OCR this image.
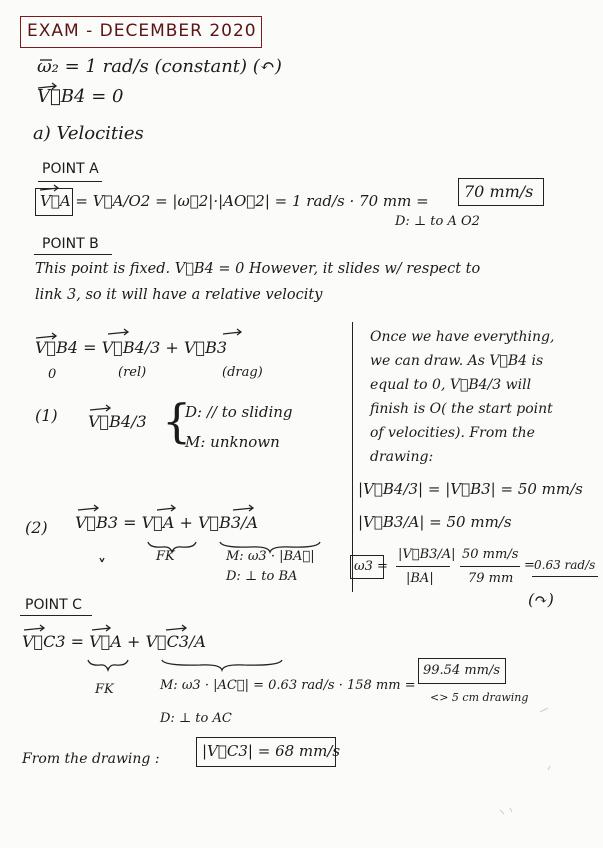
EXAM - DECEMBER 2020
ω₂ = 1 rad/s (constant) (↶)
V⃗B4 = 0
a) Velocities
POINT A
V⃗A = V⃗A/O2 = |ω⃗2|·|AO⃗2| = 1 rad/s · 70 mm = 70 mm/s
D: ⊥ to A O2
POINT B
This point is fixed. V⃗B4 = 0 However, it slides w/ respect to
link 3, so it will have a relative velocity
V⃗B4 = V⃗B4/3 + V⃗B3
0	(rel)	(drag)
(1) V⃗B4/3 {
D: // to sliding
M: unknown
(2) V⃗B3 = V⃗A + V⃗B3/A
FK	M: ω3 · |BA⃗|
D: ⊥ to BA
Once we have everything,
we can draw. As V⃗B4 is
equal to 0, V⃗B4/3 will
finish is O( the start point
of velocities). From the
drawing:
|V⃗B4/3| = |V⃗B3| = 50 mm/s
|V⃗B3/A| = 50 mm/s
ω3 =
|V⃗B3/A|
|BA|
50 mm/s
79 mm
= 0.63 rad/s
(↷)
POINT C
V⃗C3 = V⃗A + V⃗C3/A
FK	M: ω3 · |AC⃗| = 0.63 rad/s · 158 mm =
99.54 mm/s
<> 5 cm drawing
D: ⊥ to AC
From the drawing :	|V⃗C3| = 68 mm/s
